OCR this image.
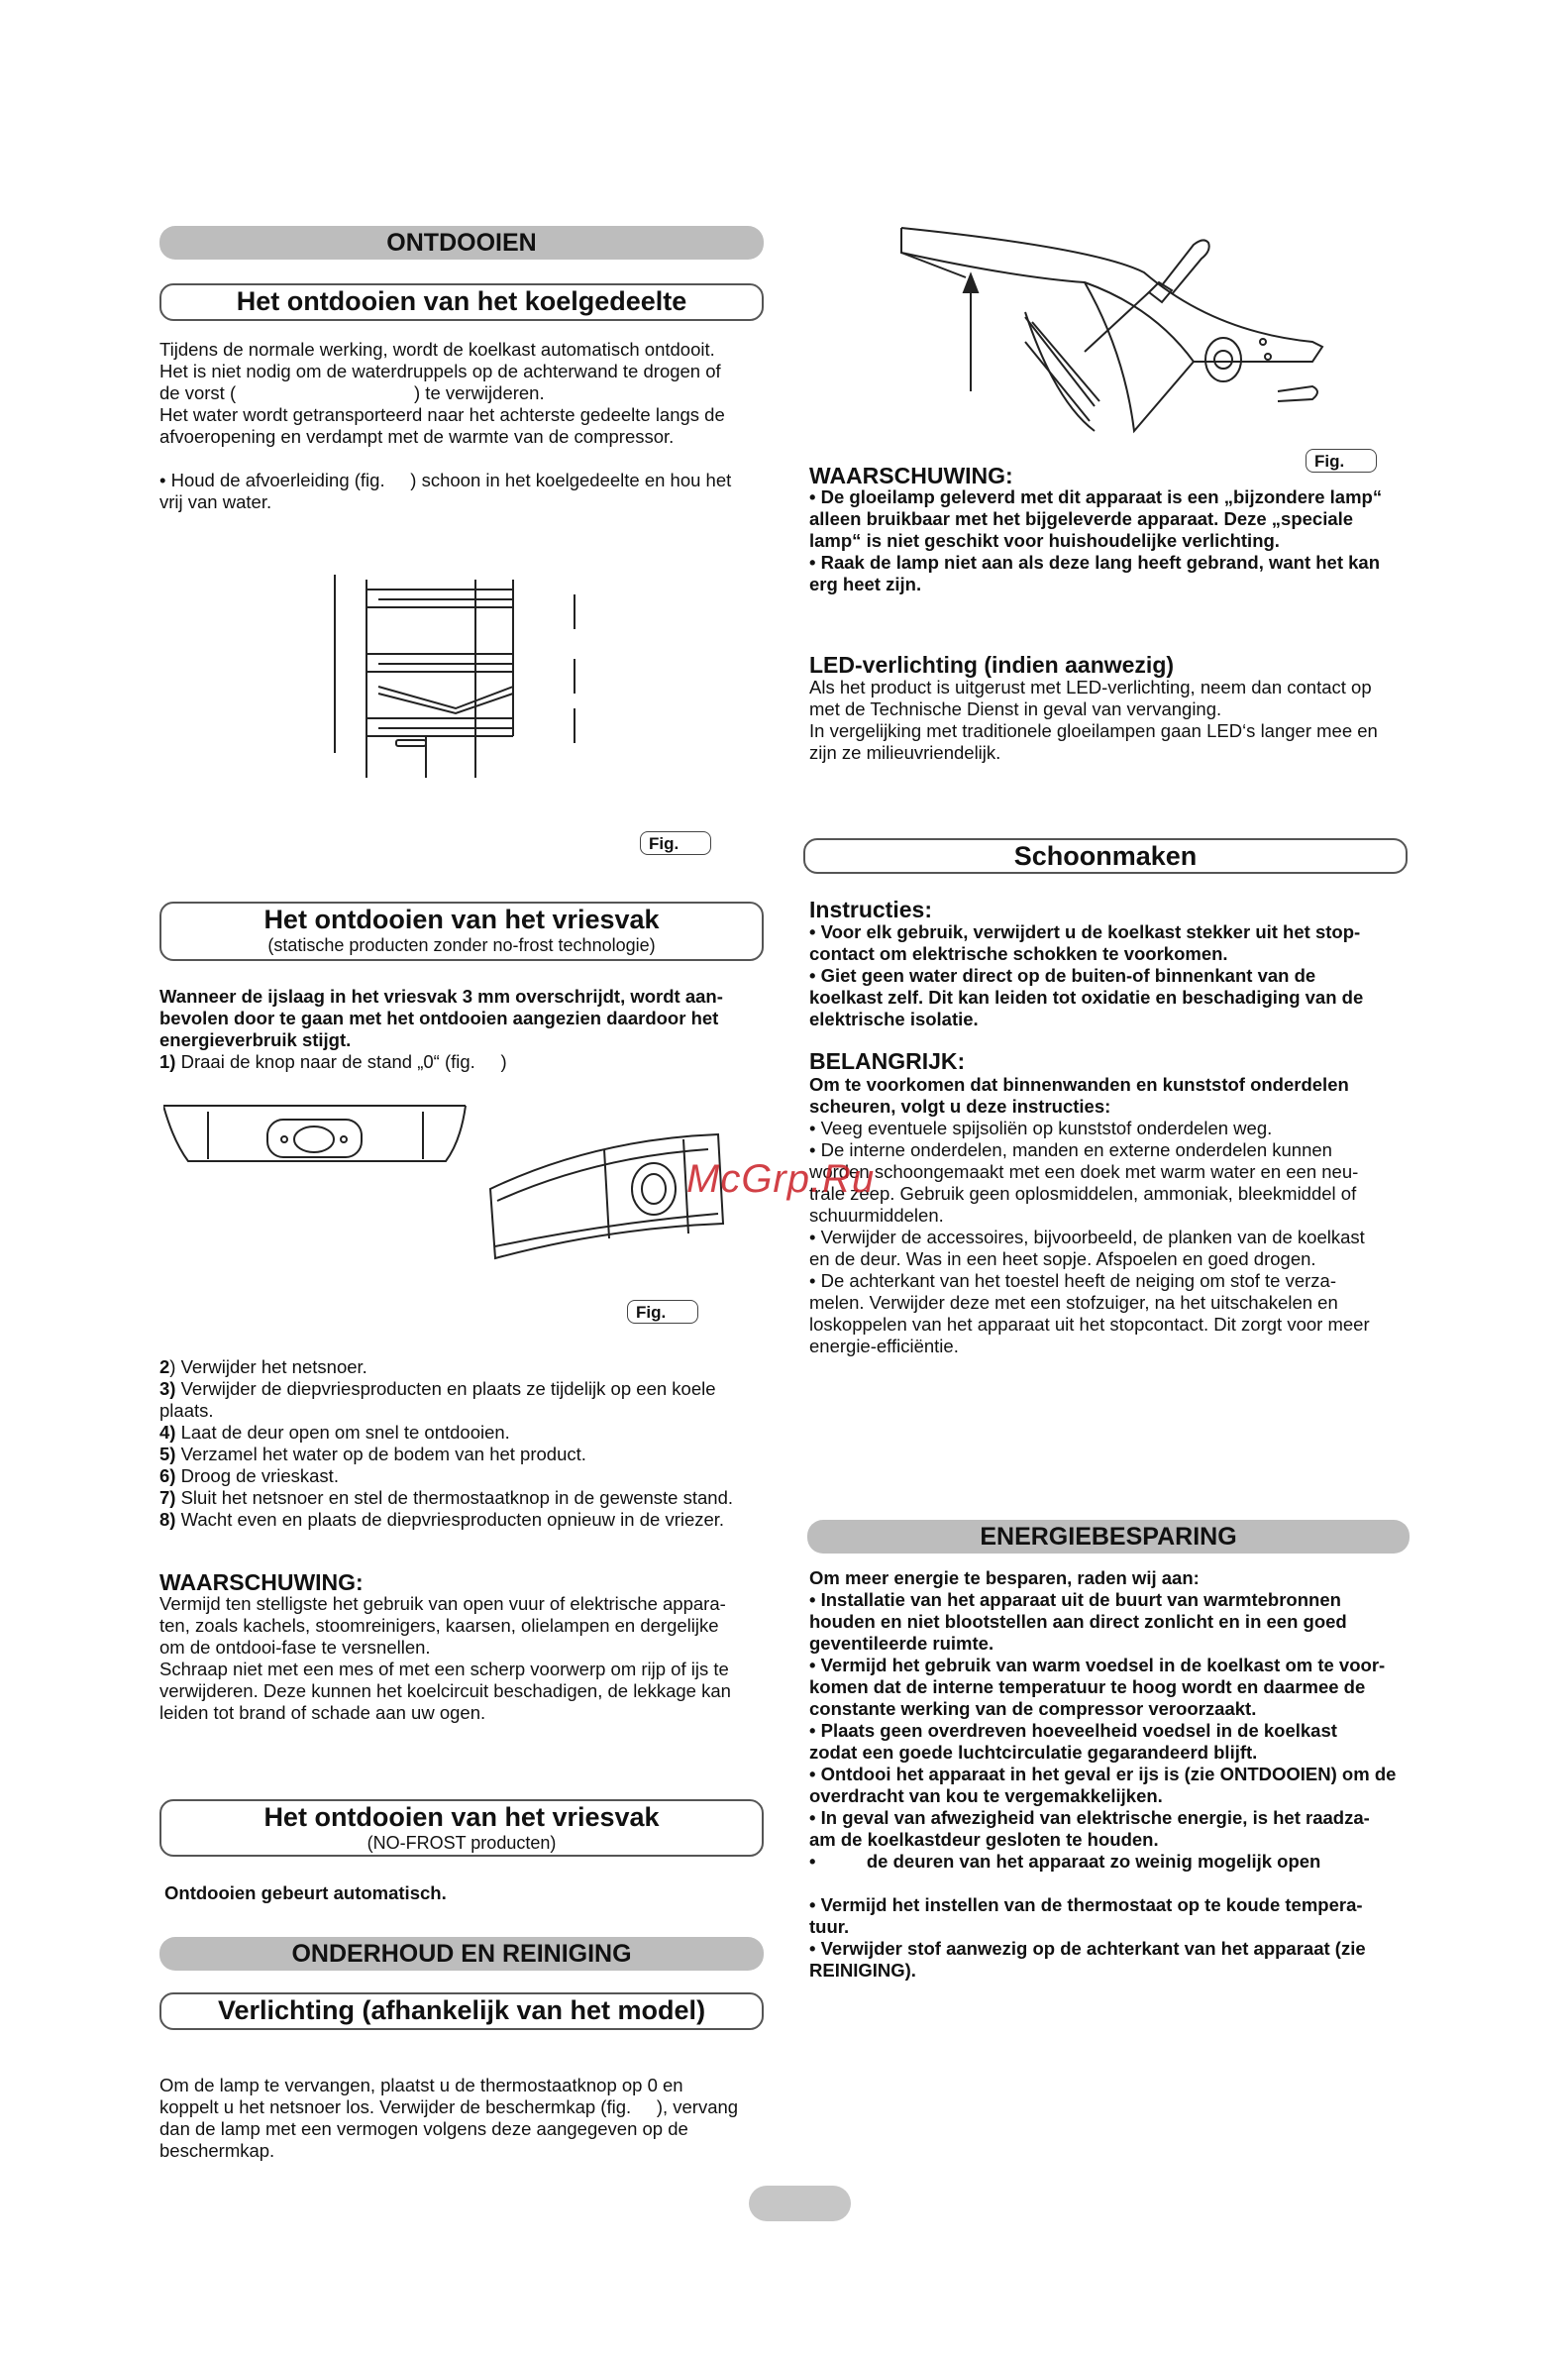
ONTDOOIEN
Het ontdooien van het koelgedeelte

Tijdens de normale werking, wordt de koelkast automatisch ontdooit.

Het is niet nodig om de waterdruppels op de achterwand te drogen of

de vorst (                                   ) te verwijderen.

Het water wordt getransporteerd naar het achterste gedeelte langs de

afvoeropening en verdampt met de warmte van de compressor.

• Houd de afvoerleiding (fig.     ) schoon in het koelgedeelte en hou het

vrij van water.

Fig.
Het ontdooien van het vriesvak
(statische producten zonder no-frost technologie)

Wanneer de ijslaag in het vriesvak 3 mm overschrijdt, wordt aan-

bevolen door te gaan met het ontdooien aangezien daardoor het

energieverbruik stijgt.

1) Draai de knop naar de stand „0“ (fig.     )
Fig.

2) Verwijder het netsnoer.

3) Verwijder de diepvriesproducten en plaats ze tijdelijk op een koele

plaats.

4) Laat de deur open om snel te ontdooien.

5) Verzamel het water op de bodem van het product.

6) Droog de vrieskast.

7) Sluit het netsnoer en stel de thermostaatknop in de gewenste stand.

8) Wacht even en plaats de diepvriesproducten opnieuw in de vriezer.

WAARSCHUWING:

Vermijd ten stelligste het gebruik van open vuur of elektrische appara-

ten, zoals kachels, stoomreinigers, kaarsen, olielampen en dergelijke

om de ontdooi-fase te versnellen.

Schraap niet met een mes of met een scherp voorwerp om rijp of ijs te

verwijderen. Deze kunnen het koelcircuit beschadigen, de lekkage kan

leiden tot brand of schade aan uw ogen.

Het ontdooien van het vriesvak
(NO-FROST producten)
Ontdooien gebeurt automatisch.
ONDERHOUD EN REINIGING
Verlichting (afhankelijk van het model)

Om de lamp te vervangen, plaatst u de thermostaatknop op 0 en

koppelt u het netsnoer los. Verwijder de beschermkap (fig.     ), vervang

dan de lamp met een vermogen volgens deze aangegeven op de

beschermkap.

Fig.
WAARSCHUWING:

• De gloeilamp geleverd met dit apparaat is een „bijzondere lamp“

alleen bruikbaar met het bijgeleverde apparaat. Deze „speciale

lamp“ is niet geschikt voor huishoudelijke verlichting.

• Raak de lamp niet aan als deze lang heeft gebrand, want het kan

erg heet zijn.

LED-verlichting (indien aanwezig)

Als het product is uitgerust met LED-verlichting, neem dan contact op

met de Technische Dienst in geval van vervanging.

In vergelijking met traditionele gloeilampen gaan LED‘s langer mee en

zijn ze milieuvriendelijk.

Schoonmaken
Instructies:

• Voor elk gebruik, verwijdert u de koelkast stekker uit het stop-

contact om elektrische schokken te voorkomen.

• Giet geen water direct op de buiten-of binnenkant van de

koelkast zelf. Dit kan leiden tot oxidatie en beschadiging van de

elektrische isolatie.

BELANGRIJK:

Om te voorkomen dat binnenwanden en kunststof onderdelen

scheuren, volgt u deze instructies:

• Veeg eventuele spijsoliën op kunststof onderdelen weg.

• De interne onderdelen, manden en externe onderdelen kunnen

worden schoongemaakt met een doek met warm water en een neu-

trale zeep. Gebruik geen oplosmiddelen, ammoniak, bleekmiddel of

schuurmiddelen.

• Verwijder de accessoires, bijvoorbeeld, de planken van de koelkast

en de deur. Was in een heet sopje. Afspoelen en goed drogen.

• De achterkant van het toestel heeft de neiging om stof te verza-

melen. Verwijder deze met een stofzuiger, na het uitschakelen en

loskoppelen van het apparaat uit het stopcontact. Dit zorgt voor meer

energie-efficiëntie.

ENERGIEBESPARING

Om meer energie te besparen, raden wij aan:

• Installatie van het apparaat uit de buurt van warmtebronnen

houden en niet blootstellen aan direct zonlicht en in een goed

geventileerde ruimte.

• Vermijd het gebruik van warm voedsel in de koelkast om te voor-

komen dat de interne temperatuur te hoog wordt en daarmee de

constante werking van de compressor veroorzaakt.

• Plaats geen overdreven hoeveelheid voedsel in de koelkast

zodat een goede luchtcirculatie gegarandeerd blijft.

• Ontdooi het apparaat in het geval er ijs is (zie ONTDOOIEN) om de

overdracht van kou te vergemakkelijken.

• In geval van afwezigheid van elektrische energie, is het raadza-

am de koelkastdeur gesloten te houden.

•          de deuren van het apparaat zo weinig mogelijk open

• Vermijd het instellen van de thermostaat op te koude tempera-

tuur.

• Verwijder stof aanwezig op de achterkant van het apparaat (zie

REINIGING).

McGrp.Ru
